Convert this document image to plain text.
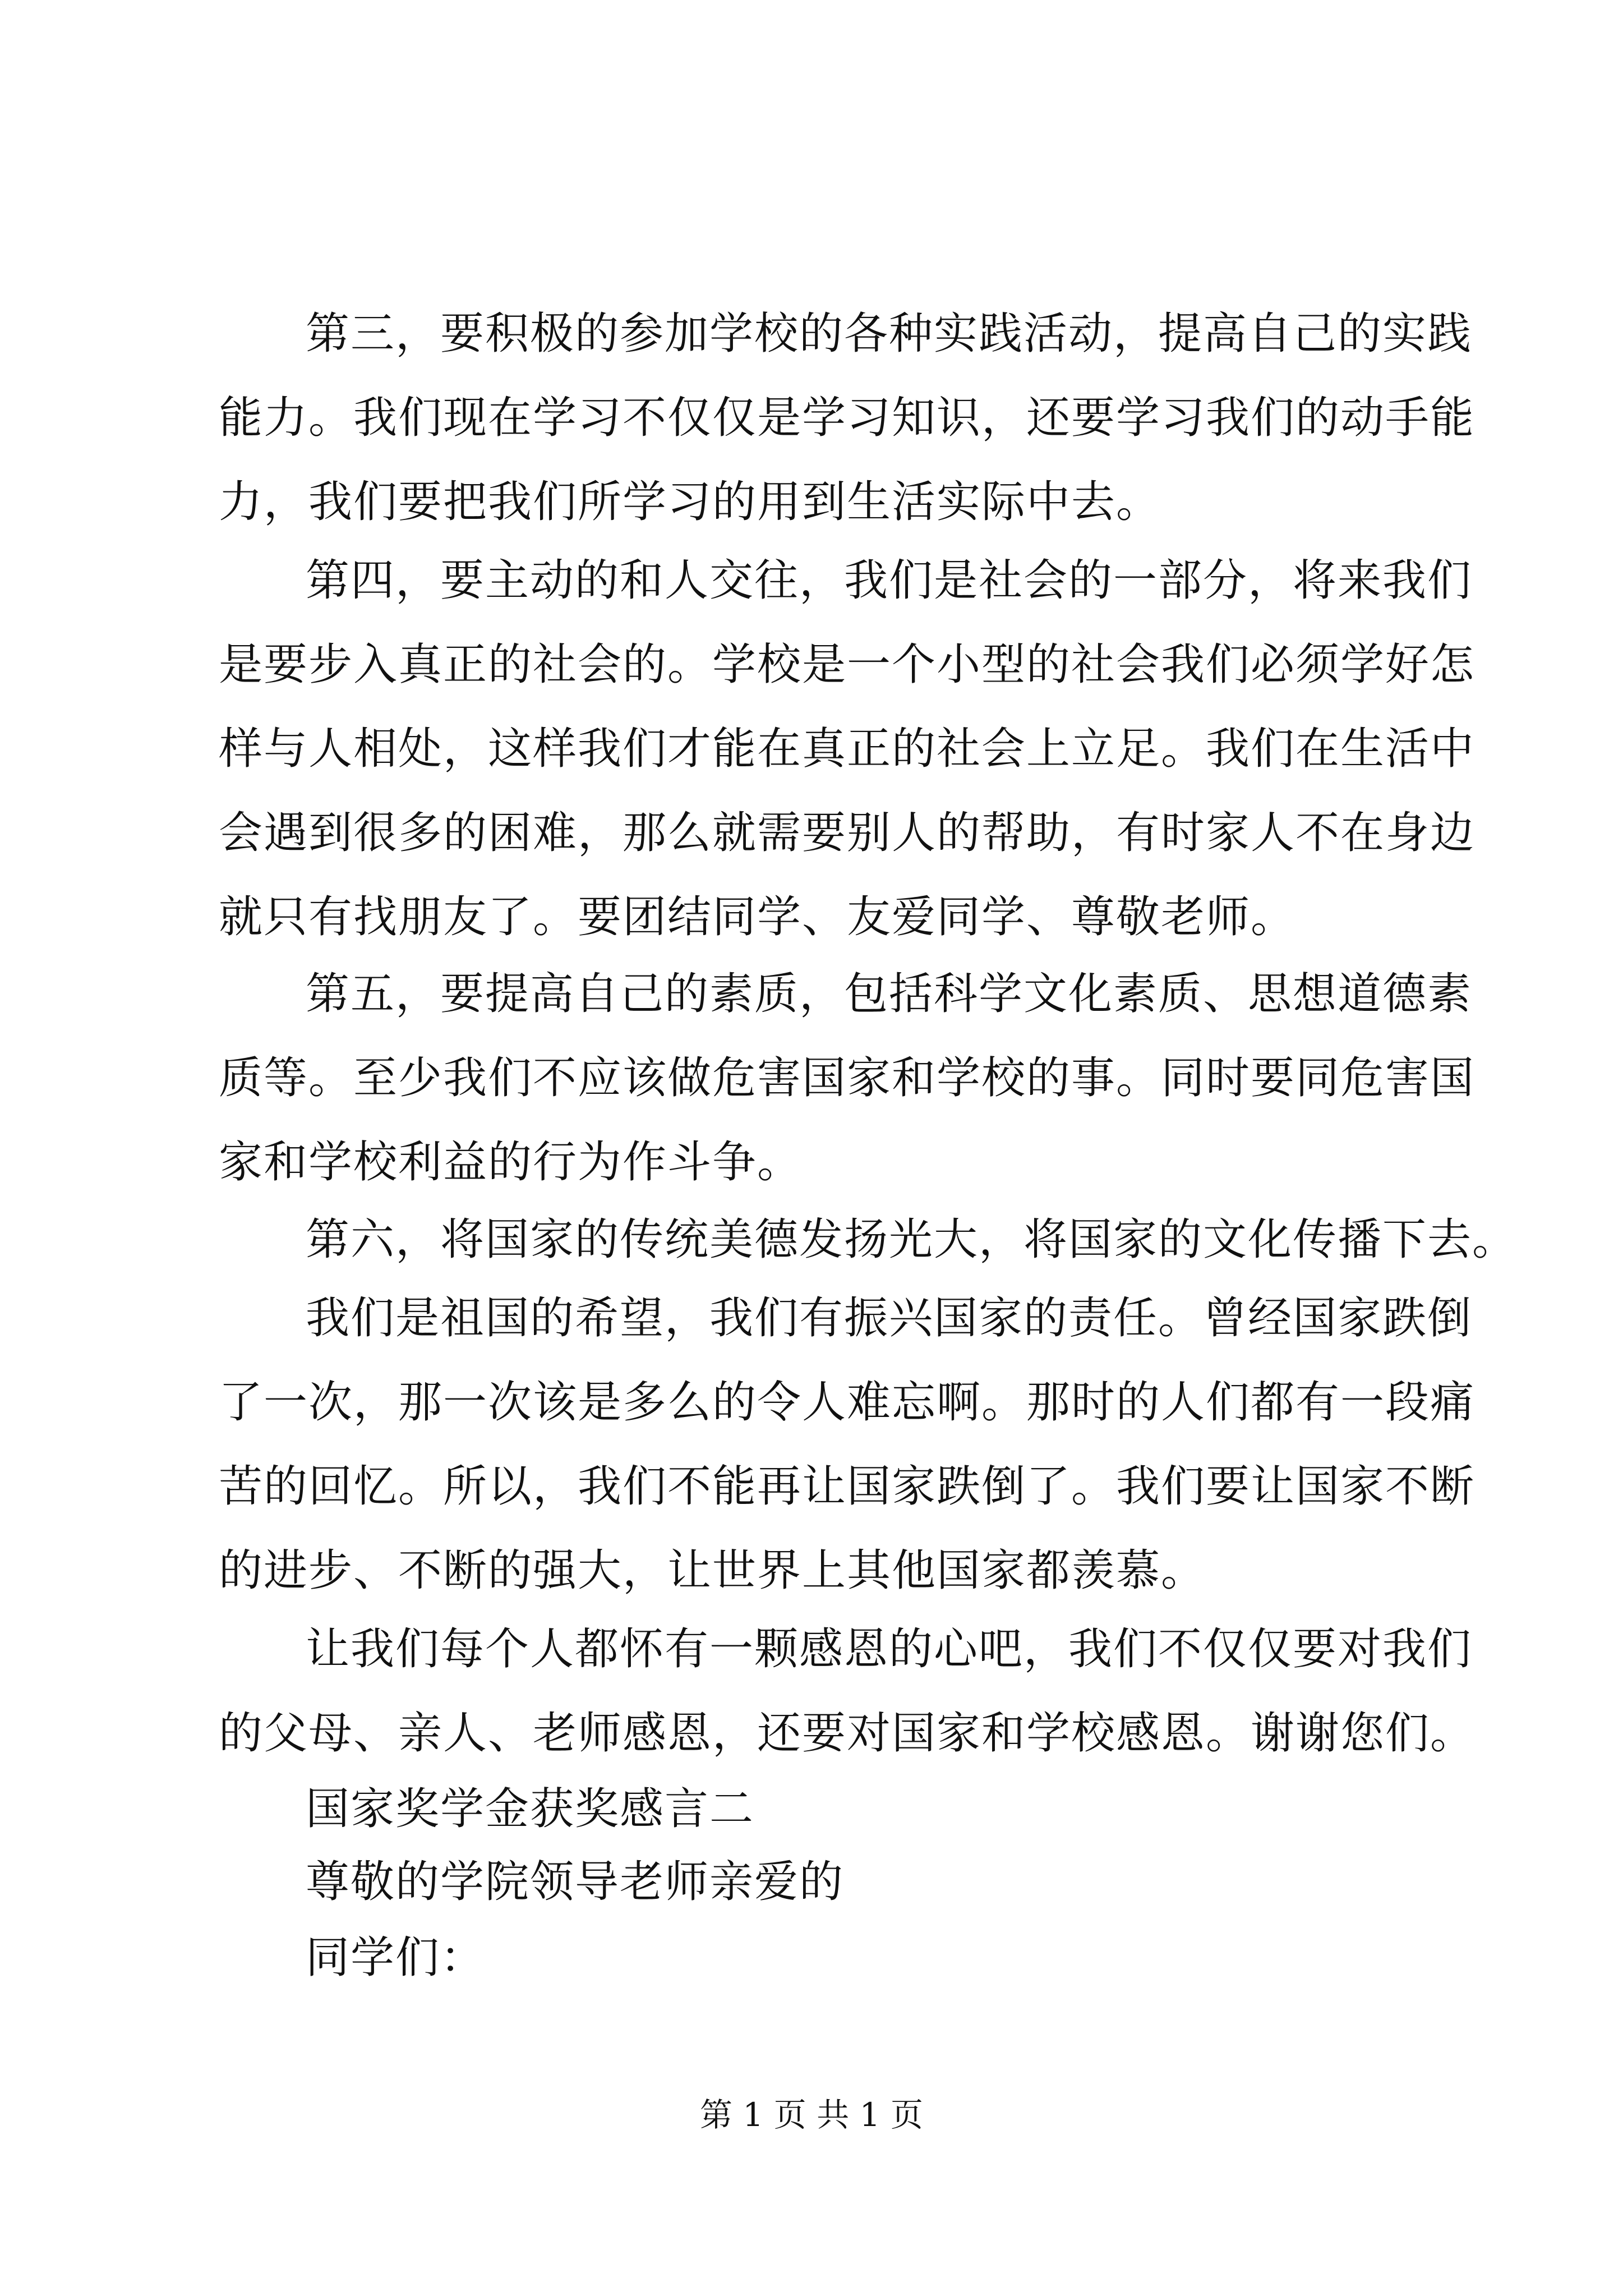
第三，要积极的参加学校的各种实践活动，提高自己的实践
能力。我们现在学习不仅仅是学习知识，还要学习我们的动手能
力，我们要把我们所学习的用到生活实际中去。
第四，要主动的和人交往，我们是社会的一部分，将来我们
是要步入真正的社会的。学校是一个小型的社会我们必须学好怎
样与人相处，这样我们才能在真正的社会上立足。我们在生活中
会遇到很多的困难，那么就需要别人的帮助，有时家人不在身边
就只有找朋友了。要团结同学、友爱同学、尊敬老师。
第五，要提高自己的素质，包括科学文化素质、思想道德素
质等。至少我们不应该做危害国家和学校的事。同时要同危害国
家和学校利益的行为作斗争。
第六，将国家的传统美德发扬光大，将国家的文化传播下去。
我们是祖国的希望，我们有振兴国家的责任。曾经国家跌倒
了一次，那一次该是多么的令人难忘啊。那时的人们都有一段痛
苦的回忆。所以，我们不能再让国家跌倒了。我们要让国家不断
的进步、不断的强大，让世界上其他国家都羡慕。
让我们每个人都怀有一颗感恩的心吧，我们不仅仅要对我们
的父母、亲人、老师感恩，还要对国家和学校感恩。谢谢您们。
国家奖学金获奖感言二
尊敬的学院领导老师亲爱的
同学们：
第 1 页 共 1 页
